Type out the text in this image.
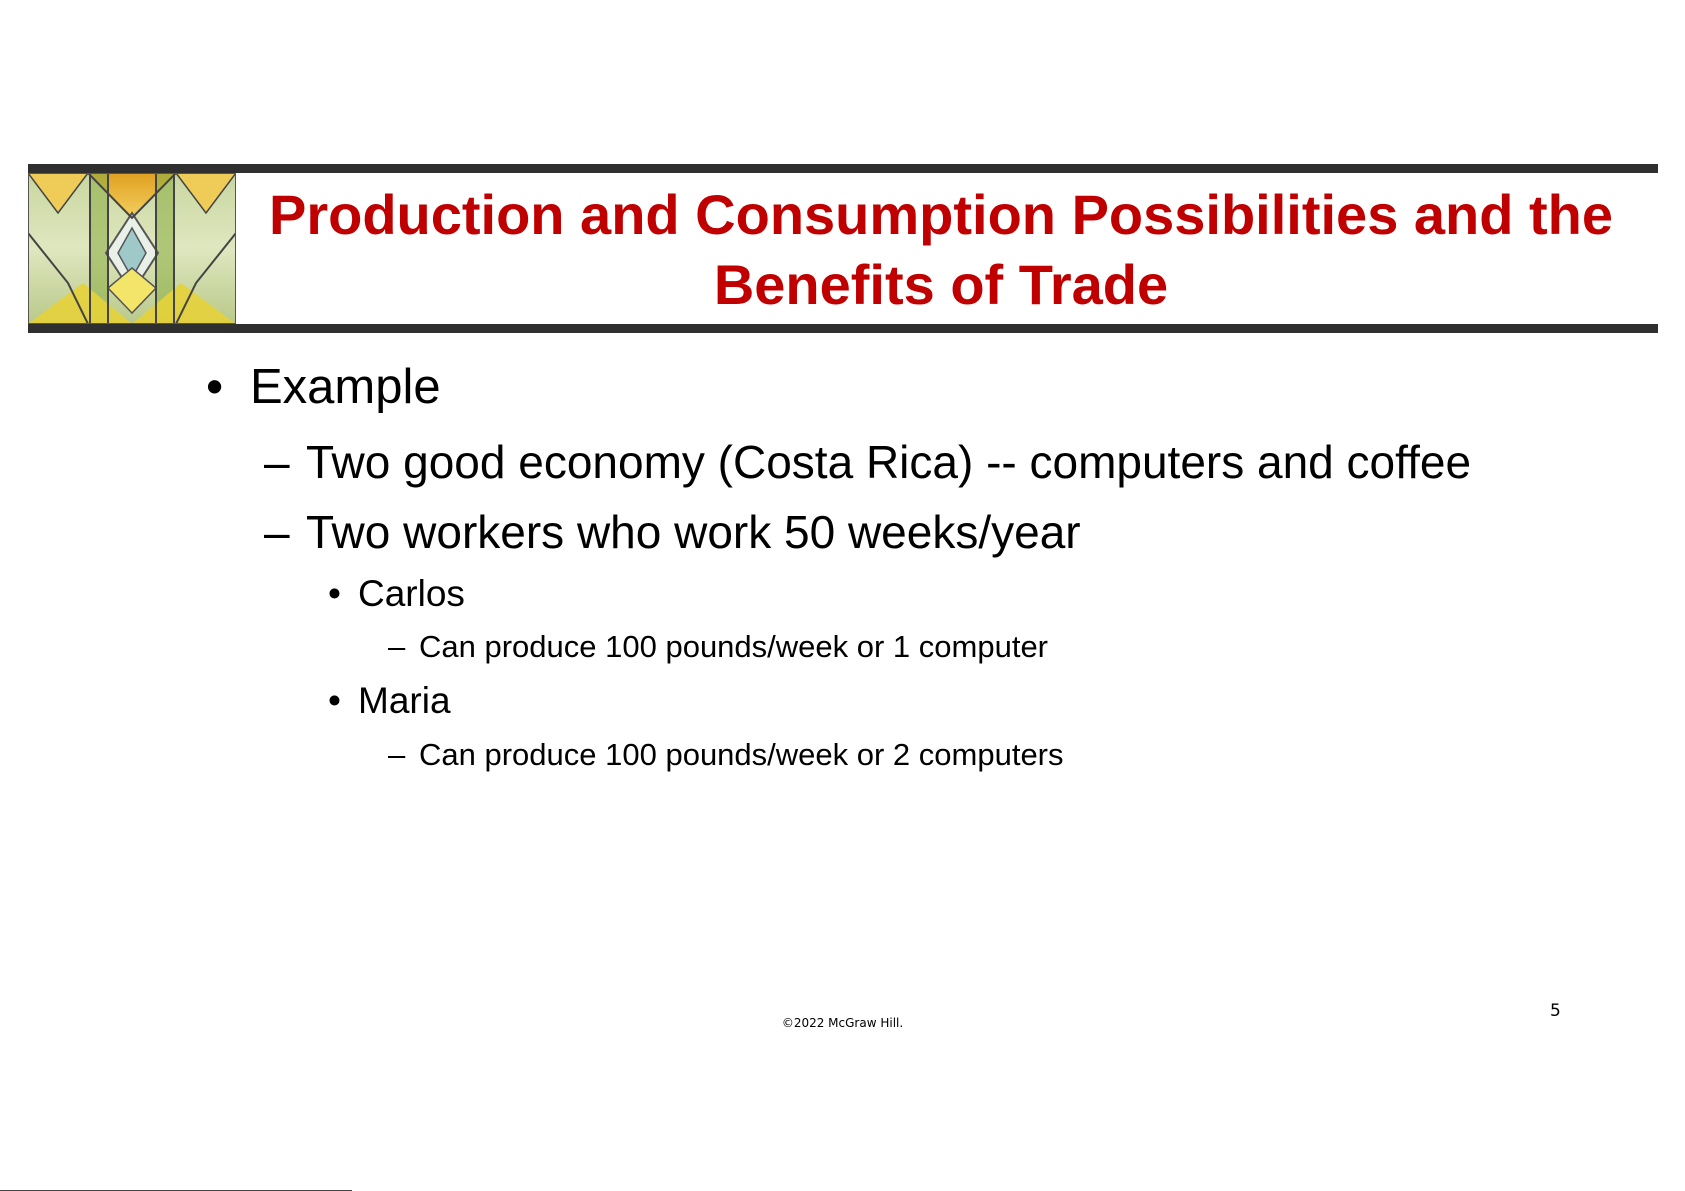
Production and Consumption Possibilities and the
Benefits of Trade

• Example

– Two good economy (Costa Rica) -- computers and coffee

– Two workers who work 50 weeks/year

• Carlos

– Can produce 100 pounds/week or 1 computer

• Maria

– Can produce 100 pounds/week or 2 computers

©2022 McGraw Hill.
5
